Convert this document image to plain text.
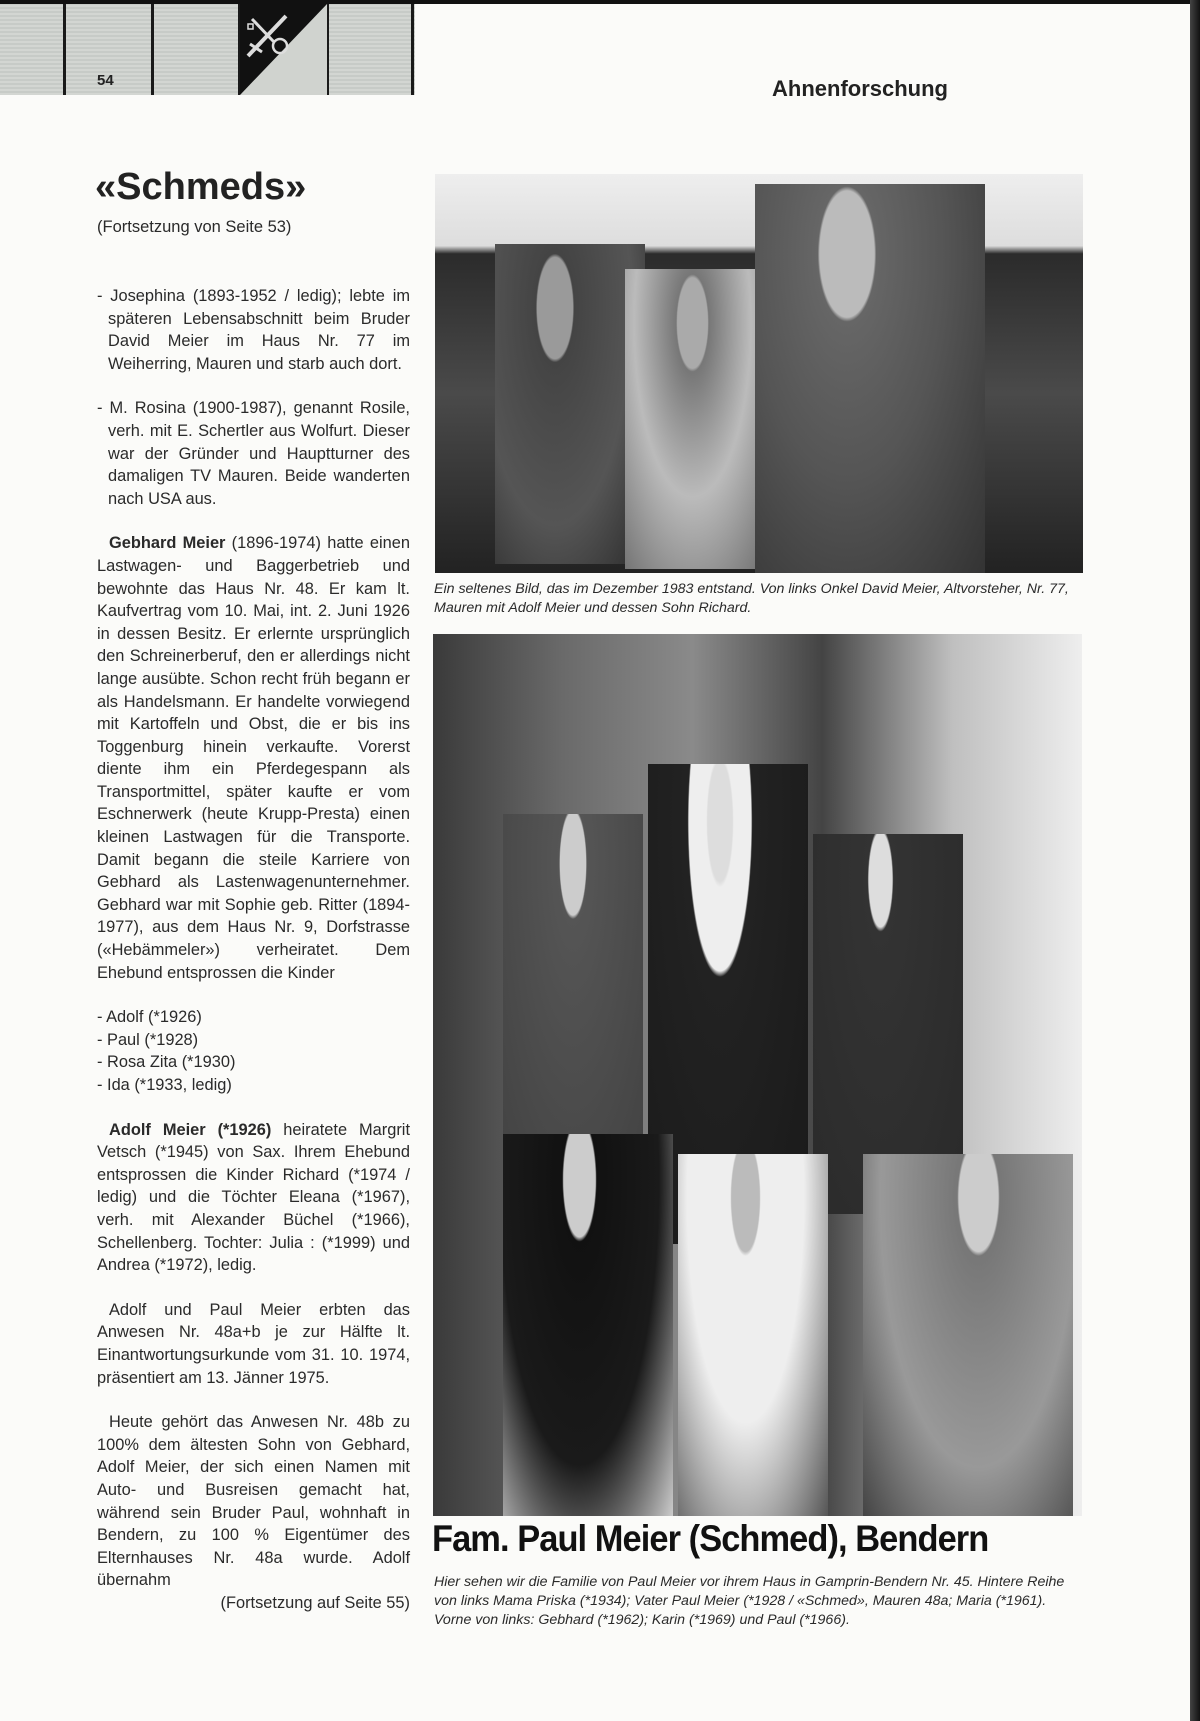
54	Ahnenforschung
«Schmeds»
(Fortsetzung von Seite 53)

- Josephina (1893-1952 / ledig); lebte im späteren Lebensabschnitt beim Bruder David Meier im Haus Nr. 77 im Weiherring, Mauren und starb auch dort.

- M. Rosina (1900-1987), genannt Rosile, verh. mit E. Schertler aus Wolfurt. Dieser war der Gründer und Hauptturner des damaligen TV Mauren. Beide wanderten nach USA aus.

Gebhard Meier (1896-1974) hatte einen Lastwagen- und Baggerbetrieb und bewohnte das Haus Nr. 48. Er kam lt. Kaufvertrag vom 10. Mai, int. 2. Juni 1926 in dessen Besitz. Er erlernte ursprünglich den Schreinerberuf, den er allerdings nicht lange ausübte. Schon recht früh begann er als Handelsmann. Er handelte vorwiegend mit Kartoffeln und Obst, die er bis ins Toggenburg hinein verkaufte. Vorerst diente ihm ein Pferdegespann als Transportmittel, später kaufte er vom Eschnerwerk (heute Krupp-Presta) einen kleinen Lastwagen für die Transporte. Damit begann die steile Karriere von Gebhard als Lastenwagenunternehmer. Gebhard war mit Sophie geb. Ritter (1894-1977), aus dem Haus Nr. 9, Dorfstrasse («Hebämmeler») verheiratet. Dem Ehebund entsprossen die Kinder

- Adolf (*1926)
- Paul (*1928)
- Rosa Zita (*1930)
- Ida (*1933, ledig)

Adolf Meier (*1926) heiratete Margrit Vetsch (*1945) von Sax. Ihrem Ehebund entsprossen die Kinder Richard (*1974 / ledig) und die Töchter Eleana (*1967), verh. mit Alexander Büchel (*1966), Schellenberg. Tochter: Julia : (*1999) und Andrea (*1972), ledig.

Adolf und Paul Meier erbten das Anwesen Nr. 48a+b je zur Hälfte lt. Einantwortungsurkunde vom 31. 10. 1974, präsentiert am 13. Jänner 1975.

Heute gehört das Anwesen Nr. 48b zu 100% dem ältesten Sohn von Gebhard, Adolf Meier, der sich einen Namen mit Auto- und Busreisen gemacht hat, während sein Bruder Paul, wohnhaft in Bendern, zu 100 % Eigentümer des Elternhauses Nr. 48a wurde. Adolf übernahm

(Fortsetzung auf Seite 55)

Ein seltenes Bild, das im Dezember 1983 entstand. Von links Onkel David Meier, Altvorsteher, Nr. 77, Mauren mit Adolf Meier und dessen Sohn Richard.
Fam. Paul Meier (Schmed), Bendern
Hier sehen wir die Familie von Paul Meier vor ihrem Haus in Gamprin-Bendern Nr. 45. Hintere Reihe von links Mama Priska (*1934); Vater Paul Meier (*1928 / «Schmed», Mauren 48a; Maria (*1961). Vorne von links: Gebhard (*1962); Karin (*1969) und Paul (*1966).
